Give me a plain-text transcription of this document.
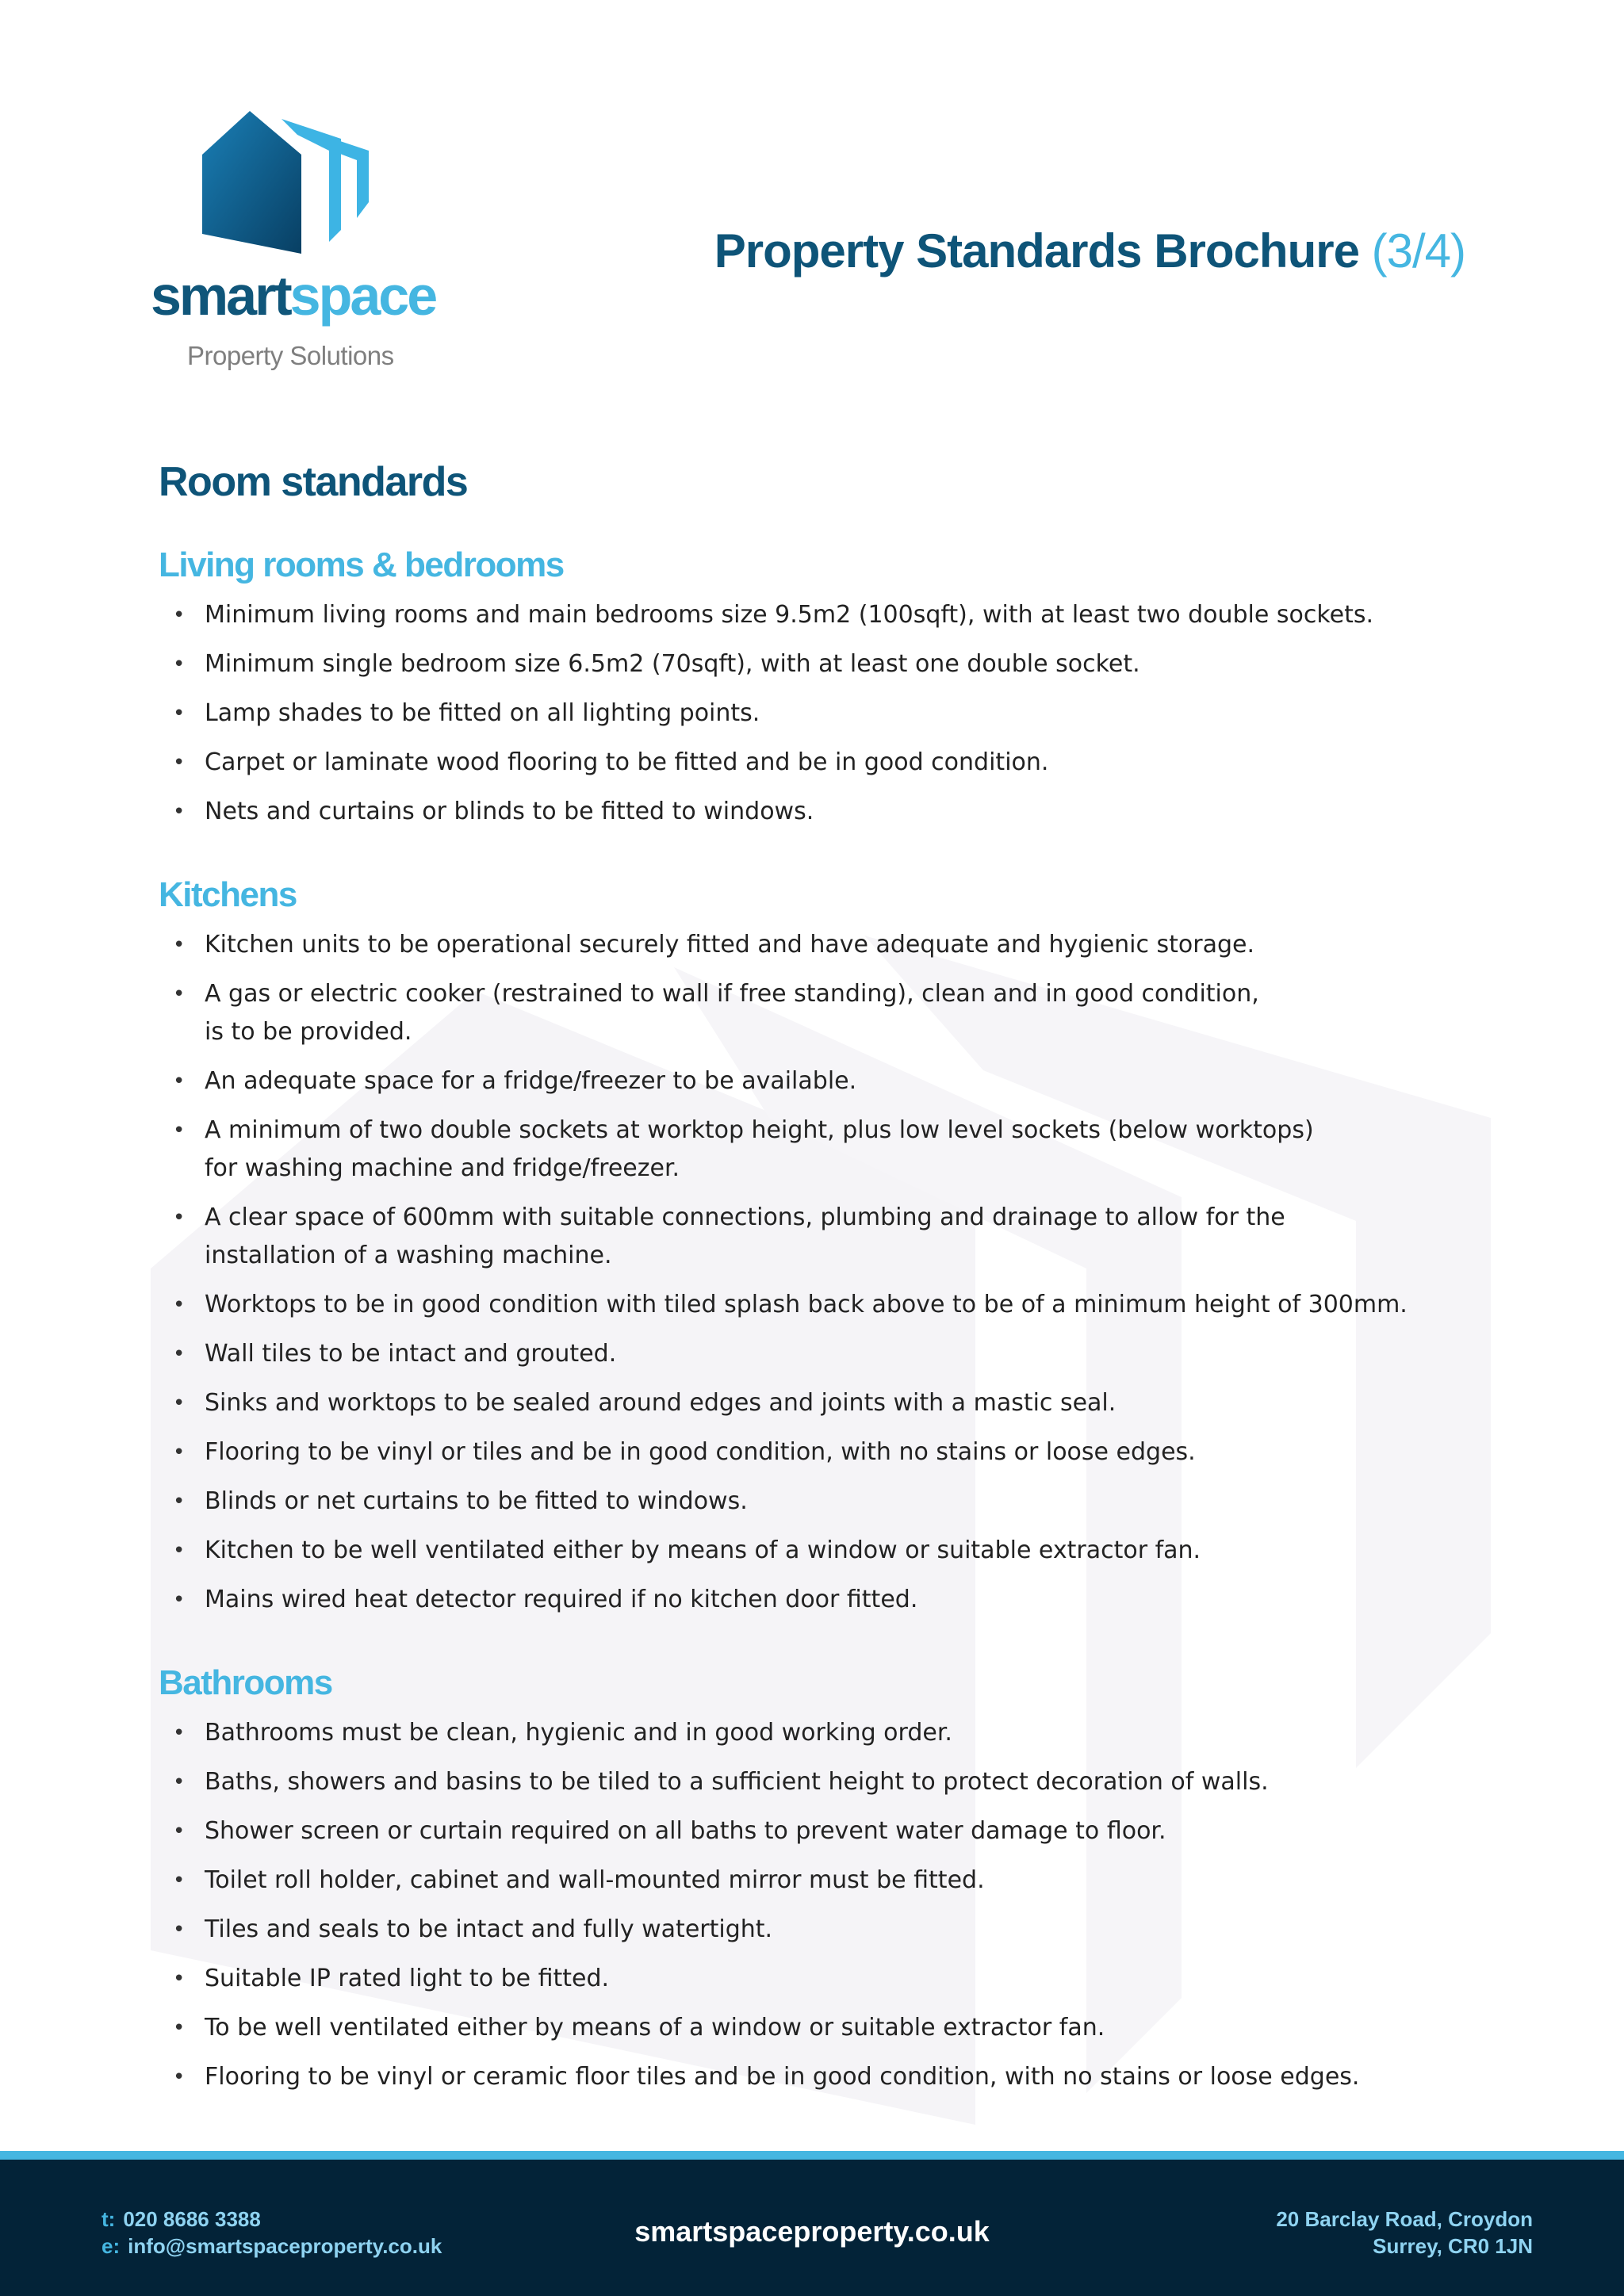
smartspace
Property Solutions
Property Standards Brochure (3/4)
Room standards
Living rooms & bedrooms
• Minimum living rooms and main bedrooms size 9.5m2 (100sqft), with at least two double sockets.
• Minimum single bedroom size 6.5m2 (70sqft), with at least one double socket.
• Lamp shades to be fitted on all lighting points.
• Carpet or laminate wood flooring to be fitted and be in good condition.
• Nets and curtains or blinds to be fitted to windows.
Kitchens
• Kitchen units to be operational securely fitted and have adequate and hygienic storage.
• A gas or electric cooker (restrained to wall if free standing), clean and in good condition,
is to be provided.
• An adequate space for a fridge/freezer to be available.
• A minimum of two double sockets at worktop height, plus low level sockets (below worktops)
for washing machine and fridge/freezer.
• A clear space of 600mm with suitable connections, plumbing and drainage to allow for the
installation of a washing machine.
• Worktops to be in good condition with tiled splash back above to be of a minimum height of 300mm.
• Wall tiles to be intact and grouted.
• Sinks and worktops to be sealed around edges and joints with a mastic seal.
• Flooring to be vinyl or tiles and be in good condition, with no stains or loose edges.
• Blinds or net curtains to be fitted to windows.
• Kitchen to be well ventilated either by means of a window or suitable extractor fan.
• Mains wired heat detector required if no kitchen door fitted.
Bathrooms
• Bathrooms must be clean, hygienic and in good working order.
• Baths, showers and basins to be tiled to a sufficient height to protect decoration of walls.
• Shower screen or curtain required on all baths to prevent water damage to floor.
• Toilet roll holder, cabinet and wall-mounted mirror must be fitted.
• Tiles and seals to be intact and fully watertight.
• Suitable IP rated light to be fitted.
• To be well ventilated either by means of a window or suitable extractor fan.
• Flooring to be vinyl or ceramic floor tiles and be in good condition, with no stains or loose edges.
t: 020 8686 3388
e: info@smartspaceproperty.co.uk	smartspaceproperty.co.uk	20 Barclay Road, Croydon
Surrey, CR0 1JN
